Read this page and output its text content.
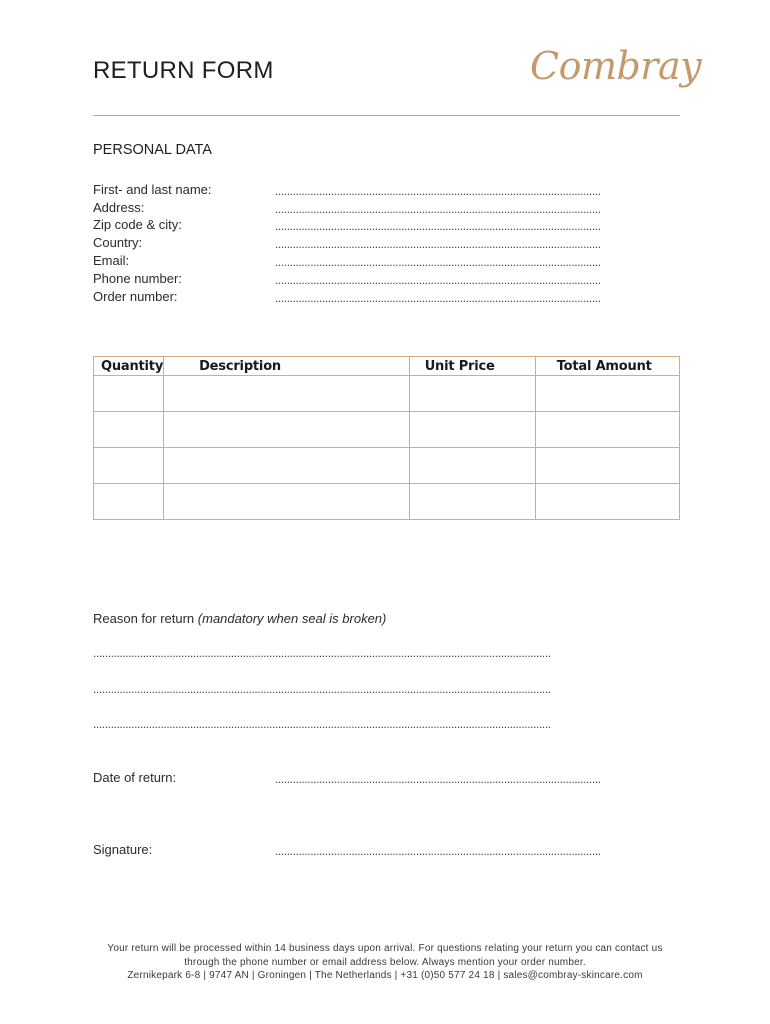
RETURN FORM	Combray
PERSONAL DATA
First- and last name:	...............................................................................................................
Address:	...............................................................................................................
Zip code & city:	...............................................................................................................
Country:	...............................................................................................................
Email:	...............................................................................................................
Phone number:	...............................................................................................................
Order number:	...............................................................................................................
Quantity	Description	Unit Price	Total Amount

Reason for return (mandatory when seal is broken)
............................................................................................................................................................
............................................................................................................................................................
............................................................................................................................................................
Date of return:	...............................................................................................................
Signature:	...............................................................................................................
Your return will be processed within 14 business days upon arrival. For questions relating your return you can contact us
through the phone number or email address below. Always mention your order number.
Zernikepark 6-8 | 9747 AN | Groningen | The Netherlands | +31 (0)50 577 24 18 | sales@combray-skincare.com
